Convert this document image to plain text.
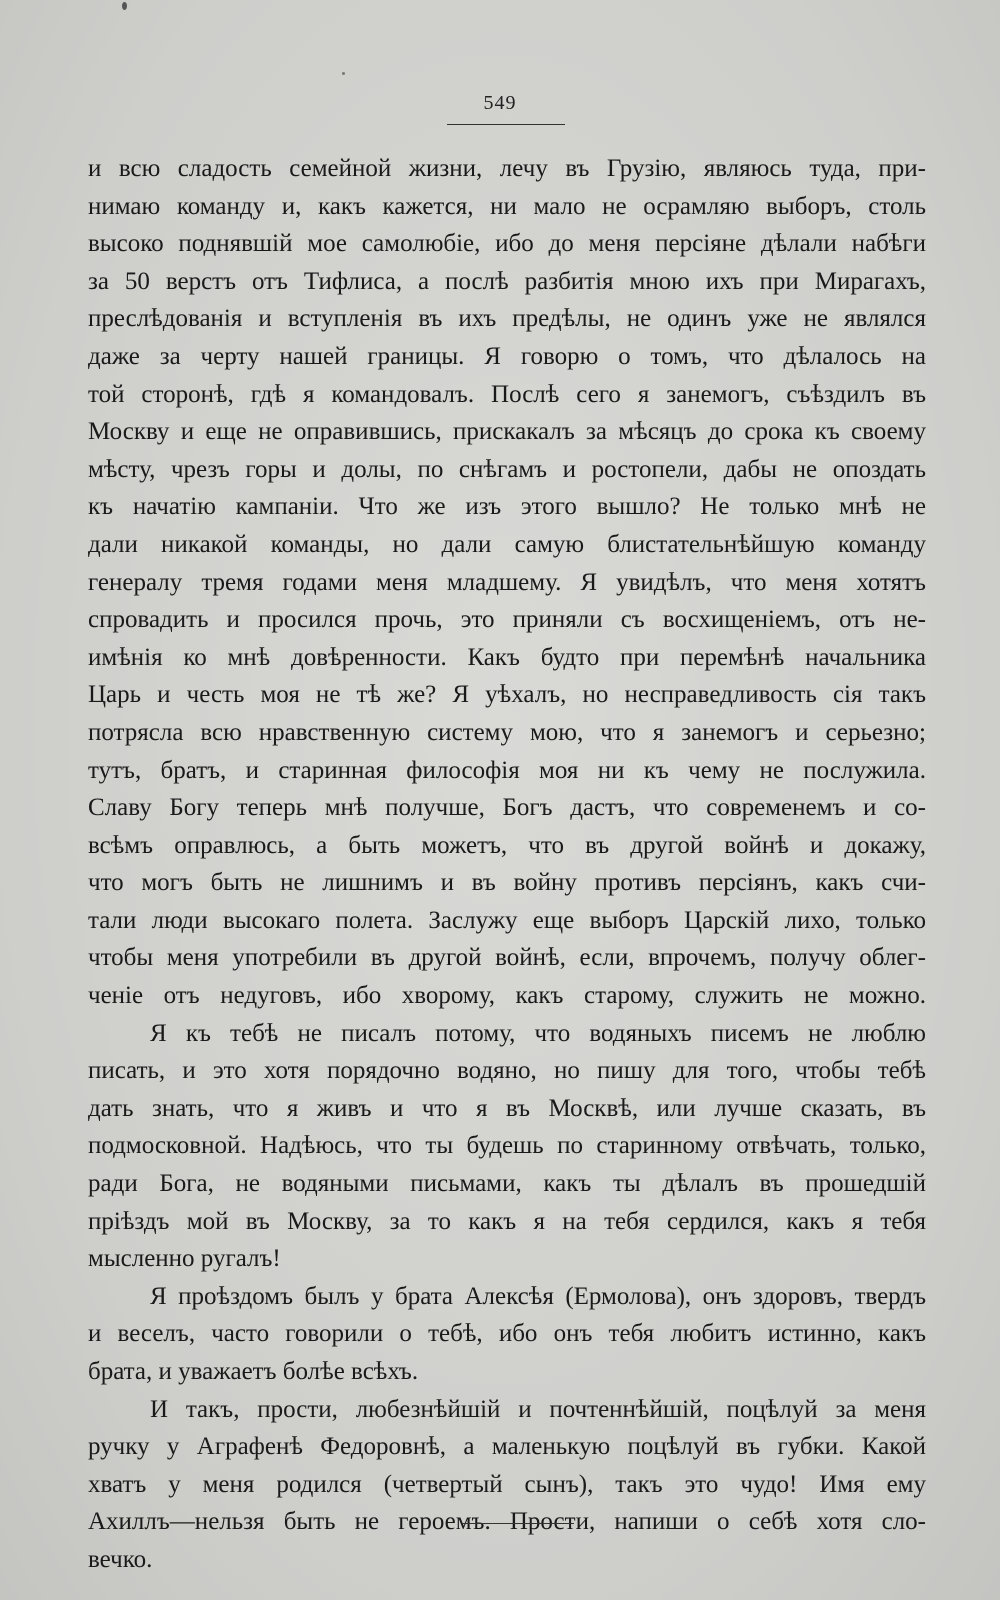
549
и всю сладость семейной жизни, лечу въ Грузію, являюсь туда, при-
нимаю команду и, какъ кажется, ни мало не осрамляю выборъ, столь
высоко поднявшій мое самолюбіе, ибо до меня персіяне дѣлали набѣги
за 50 верстъ отъ Тифлиса, а послѣ разбитія мною ихъ при Мирагахъ,
преслѣдованія и вступленія въ ихъ предѣлы, не одинъ уже не являлся
даже за черту нашей границы. Я говорю о томъ, что дѣлалось на
той сторонѣ, гдѣ я командовалъ. Послѣ сего я занемогъ, съѣздилъ въ
Москву и еще не оправившись, прискакалъ за мѣсяцъ до срока къ своему
мѣсту, чрезъ горы и долы, по снѣгамъ и ростопели, дабы не опоздать
къ начатію кампаніи. Что же изъ этого вышло? Не только мнѣ не
дали никакой команды, но дали самую блистательнѣйшую команду
генералу тремя годами меня младшему. Я увидѣлъ, что меня хотятъ
спровадить и просился прочь, это приняли съ восхищеніемъ, отъ не-
имѣнія ко мнѣ довѣренности. Какъ будто при перемѣнѣ начальника
Царь и честь моя не тѣ же? Я уѣхалъ, но несправедливость сія такъ
потрясла всю нравственную систему мою, что я занемогъ и серьезно;
тутъ, братъ, и старинная философія моя ни къ чему не послужила.
Славу Богу теперь мнѣ получше, Богъ дастъ, что современемъ и со-
всѣмъ оправлюсь, а быть можетъ, что въ другой войнѣ и докажу,
что могъ быть не лишнимъ и въ войну противъ персіянъ, какъ счи-
тали люди высокаго полета. Заслужу еще выборъ Царскій лихо, только
чтобы меня употребили въ другой войнѣ, если, впрочемъ, получу облег-
ченіе отъ недуговъ, ибо хворому, какъ старому, служить не можно.
Я къ тебѣ не писалъ потому, что водяныхъ писемъ не люблю
писать, и это хотя порядочно водяно, но пишу для того, чтобы тебѣ
дать знать, что я живъ и что я въ Москвѣ, или лучше сказать, въ
подмосковной. Надѣюсь, что ты будешь по старинному отвѣчать, только,
ради Бога, не водяными письмами, какъ ты дѣлалъ въ прошедшій
пріѣздъ мой въ Москву, за то какъ я на тебя сердился, какъ я тебя
мысленно ругалъ!
Я проѣздомъ былъ у брата Алексѣя (Ермолова), онъ здоровъ, твердъ
и веселъ, часто говорили о тебѣ, ибо онъ тебя любитъ истинно, какъ
брата, и уважаетъ болѣе всѣхъ.
И такъ, прости, любезнѣйшій и почтеннѣйшій, поцѣлуй за меня
ручку у Аграфенѣ Федоровнѣ, а маленькую поцѣлуй въ губки. Какой
хватъ у меня родился (четвертый сынъ), такъ это чудо! Имя ему
Ахиллъ—нельзя быть не героемъ. Прости, напиши о себѣ хотя сло-
вечко.
